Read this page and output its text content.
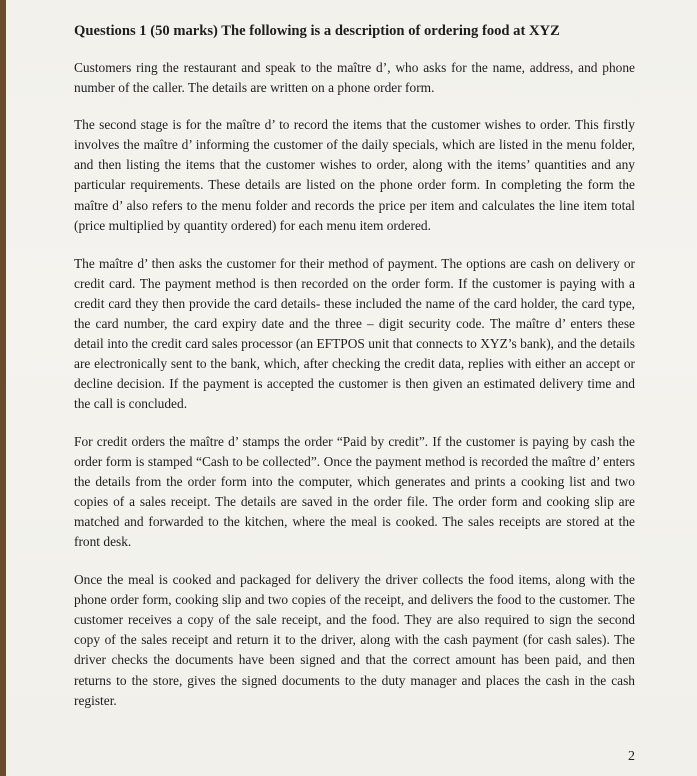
Questions 1 (50 marks) The following is a description of ordering food at XYZ

Customers ring the restaurant and speak to the maître d’, who asks for the name, address, and phone number of the caller. The details are written on a phone order form.

The second stage is for the maître d’ to record the items that the customer wishes to order. This firstly involves the maître d’ informing the customer of the daily specials, which are listed in the menu folder, and then listing the items that the customer wishes to order, along with the items’ quantities and any particular requirements. These details are listed on the phone order form. In completing the form the maître d’ also refers to the menu folder and records the price per item and calculates the line item total (price multiplied by quantity ordered) for each menu item ordered.

The maître d’ then asks the customer for their method of payment. The options are cash on delivery or credit card. The payment method is then recorded on the order form. If the customer is paying with a credit card they then provide the card details- these included the name of the card holder, the card type, the card number, the card expiry date and the three – digit security code. The maître d’ enters these detail into the credit card sales processor (an EFTPOS unit that connects to XYZ’s bank), and the details are electronically sent to the bank, which, after checking the credit data, replies with either an accept or decline decision. If the payment is accepted the customer is then given an estimated delivery time and the call is concluded.

For credit orders the maître d’ stamps the order “Paid by credit”. If the customer is paying by cash the order form is stamped “Cash to be collected”. Once the payment method is recorded the maître d’ enters the details from the order form into the computer, which generates and prints a cooking list and two copies of a sales receipt. The details are saved in the order file. The order form and cooking slip are matched and forwarded to the kitchen, where the meal is cooked. The sales receipts are stored at the front desk.

Once the meal is cooked and packaged for delivery the driver collects the food items, along with the phone order form, cooking slip and two copies of the receipt, and delivers the food to the customer. The customer receives a copy of the sale receipt, and the food. They are also required to sign the second copy of the sales receipt and return it to the driver, along with the cash payment (for cash sales). The driver checks the documents have been signed and that the correct amount has been paid, and then returns to the store, gives the signed documents to the duty manager and places the cash in the cash register.

2
